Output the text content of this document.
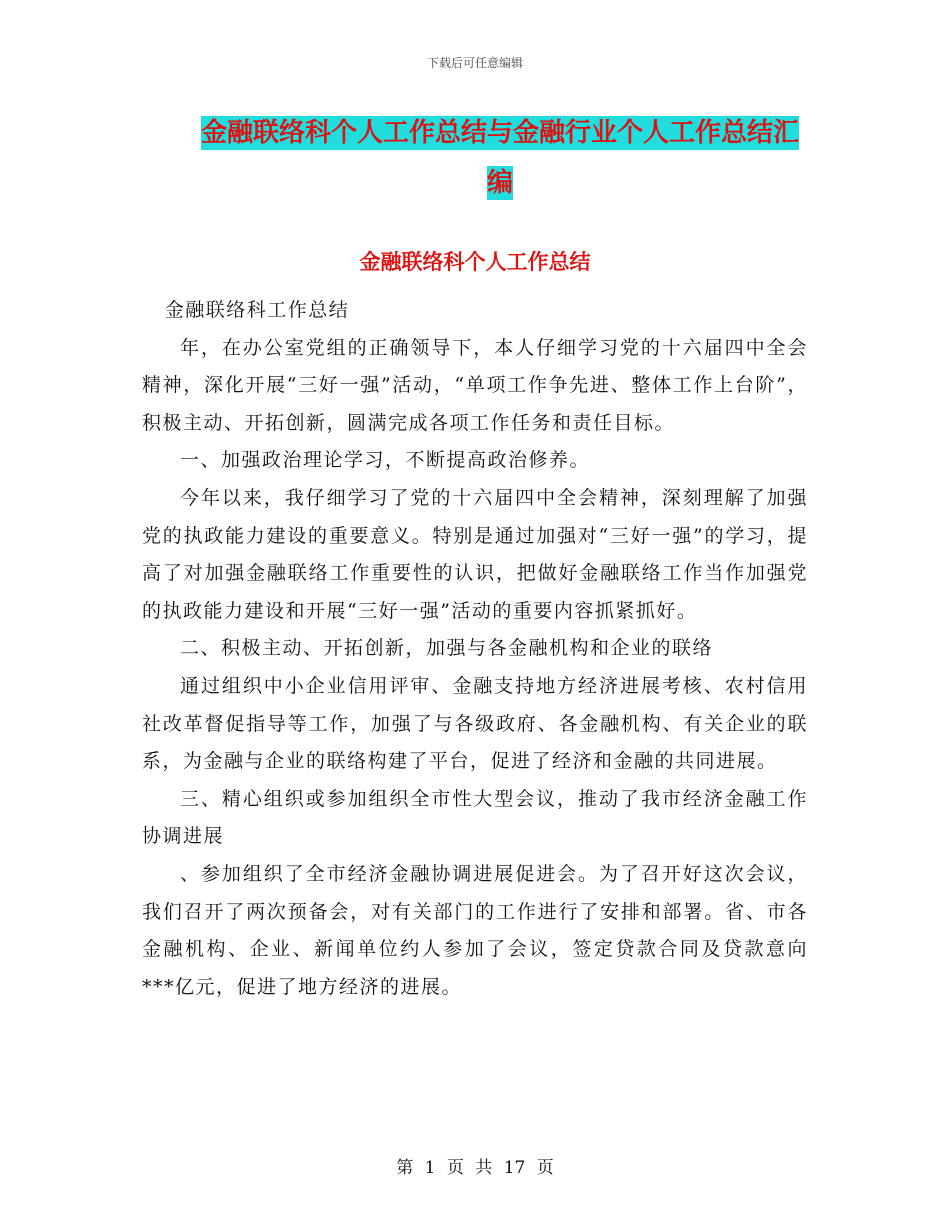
下载后可任意编辑
金融联络科个人工作总结与金融行业个人工作总结汇
编
金融联络科个人工作总结

金融联络科工作总结

年，在办公室党组的正确领导下，本人仔细学习党的十六届四中全会精神，深化开展“三好一强”活动，“单项工作争先进、整体工作上台阶”，积极主动、开拓创新，圆满完成各项工作任务和责任目标。

一、加强政治理论学习，不断提高政治修养。

今年以来，我仔细学习了党的十六届四中全会精神，深刻理解了加强党的执政能力建设的重要意义。特别是通过加强对“三好一强”的学习，提高了对加强金融联络工作重要性的认识，把做好金融联络工作当作加强党的执政能力建设和开展“三好一强”活动的重要内容抓紧抓好。

二、积极主动、开拓创新，加强与各金融机构和企业的联络

通过组织中小企业信用评审、金融支持地方经济进展考核、农村信用社改革督促指导等工作，加强了与各级政府、各金融机构、有关企业的联系，为金融与企业的联络构建了平台，促进了经济和金融的共同进展。

三、精心组织或参加组织全市性大型会议，推动了我市经济金融工作协调进展

、参加组织了全市经济金融协调进展促进会。为了召开好这次会议，我们召开了两次预备会，对有关部门的工作进行了安排和部署。省、市各金融机构、企业、新闻单位约人参加了会议，签定贷款合同及贷款意向***亿元，促进了地方经济的进展。

第 1 页 共 17 页
